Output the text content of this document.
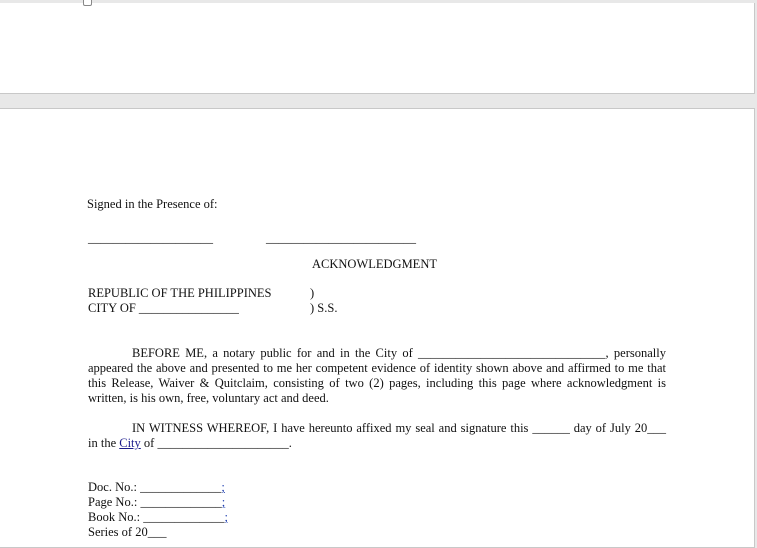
Signed in the Presence of:
____________________	________________________
ACKNOWLEDGMENT
REPUBLIC OF THE PHILIPPINES	)
CITY OF ________________	) S.S.
BEFORE ME, a notary public for and in the City of ______________________________, personally appeared the above and presented to me her competent evidence of identity shown above and affirmed to me that this Release, Waiver & Quitclaim, consisting of two (2) pages, including this page where acknowledgment is written, is his own, free, voluntary act and deed.
IN WITNESS WHEREOF, I have hereunto affixed my seal and signature this ______ day of July 20___ in the City of _____________________.
Doc. No.: _____________;
Page No.: _____________;
Book No.: _____________;
Series of 20___
